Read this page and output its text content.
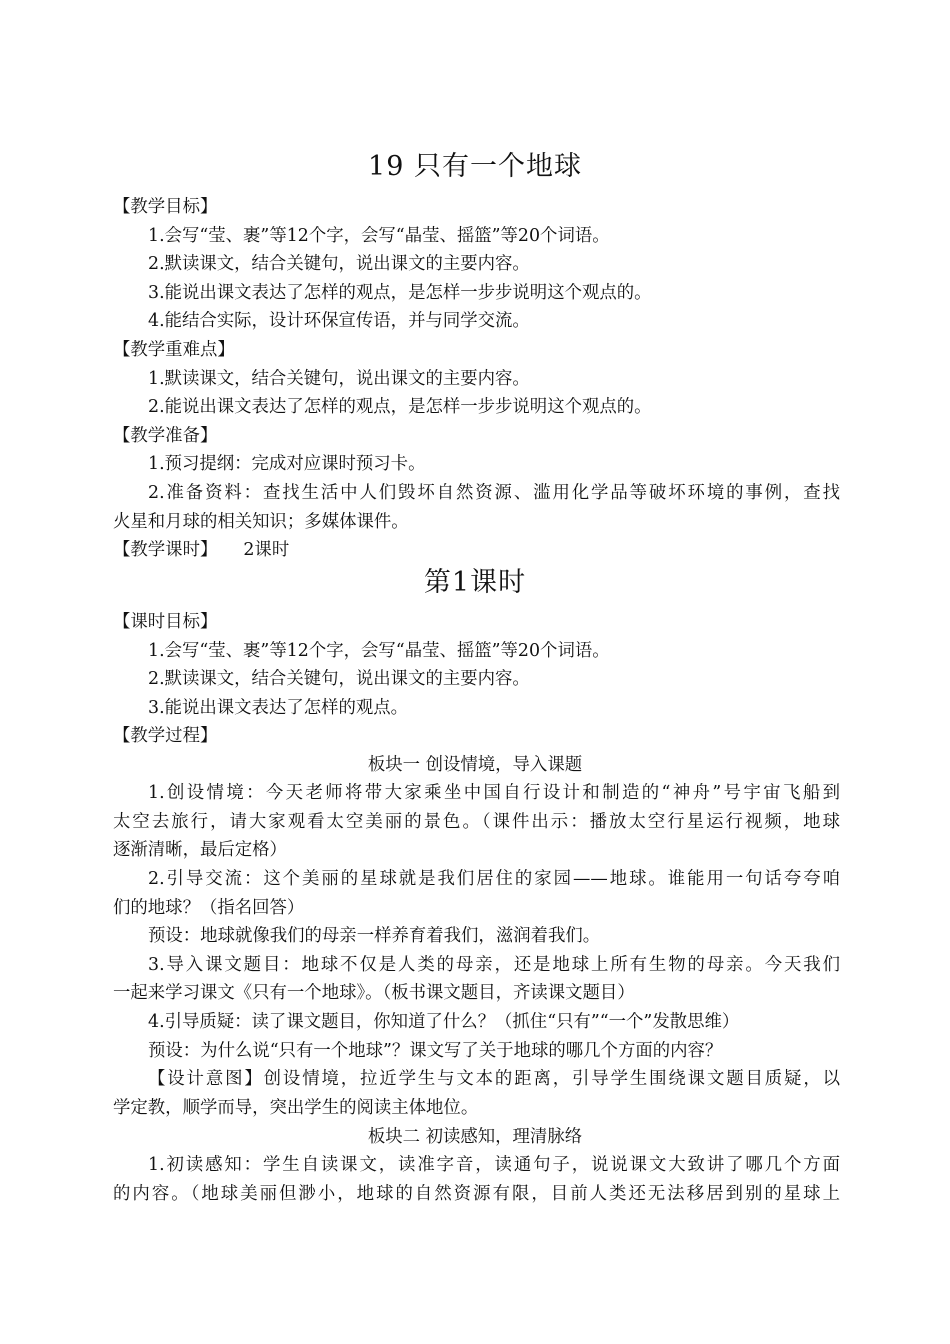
19 只有一个地球
【教学目标】
1.会写“莹、裹”等12个字，会写“晶莹、摇篮”等20个词语。
2.默读课文，结合关键句，说出课文的主要内容。
3.能说出课文表达了怎样的观点，是怎样一步步说明这个观点的。
4.能结合实际，设计环保宣传语，并与同学交流。
【教学重难点】
1.默读课文，结合关键句，说出课文的主要内容。
2.能说出课文表达了怎样的观点，是怎样一步步说明这个观点的。
【教学准备】
1.预习提纲：完成对应课时预习卡。
2.准备资料：查找生活中人们毁坏自然资源、滥用化学品等破坏环境的事例，查找
火星和月球的相关知识；多媒体课件。
【教学课时】 2课时
第1课时
【课时目标】
1.会写“莹、裹”等12个字，会写“晶莹、摇篮”等20个词语。
2.默读课文，结合关键句，说出课文的主要内容。
3.能说出课文表达了怎样的观点。
【教学过程】
板块一 创设情境，导入课题
1.创设情境：今天老师将带大家乘坐中国自行设计和制造的“神舟”号宇宙飞船到
太空去旅行，请大家观看太空美丽的景色。（课件出示：播放太空行星运行视频，地球
逐渐清晰，最后定格）
2.引导交流：这个美丽的星球就是我们居住的家园——地球。谁能用一句话夸夸咱
们的地球？（指名回答）
预设：地球就像我们的母亲一样养育着我们，滋润着我们。
3.导入课文题目：地球不仅是人类的母亲，还是地球上所有生物的母亲。今天我们
一起来学习课文《只有一个地球》。（板书课文题目，齐读课文题目）
4.引导质疑：读了课文题目，你知道了什么？（抓住“只有”“一个”发散思维）
预设：为什么说“只有一个地球”？课文写了关于地球的哪几个方面的内容？
【设计意图】创设情境，拉近学生与文本的距离，引导学生围绕课文题目质疑，以
学定教，顺学而导，突出学生的阅读主体地位。
板块二 初读感知，理清脉络
1.初读感知：学生自读课文，读准字音，读通句子，说说课文大致讲了哪几个方面
的内容。（地球美丽但渺小，地球的自然资源有限，目前人类还无法移居到别的星球上
